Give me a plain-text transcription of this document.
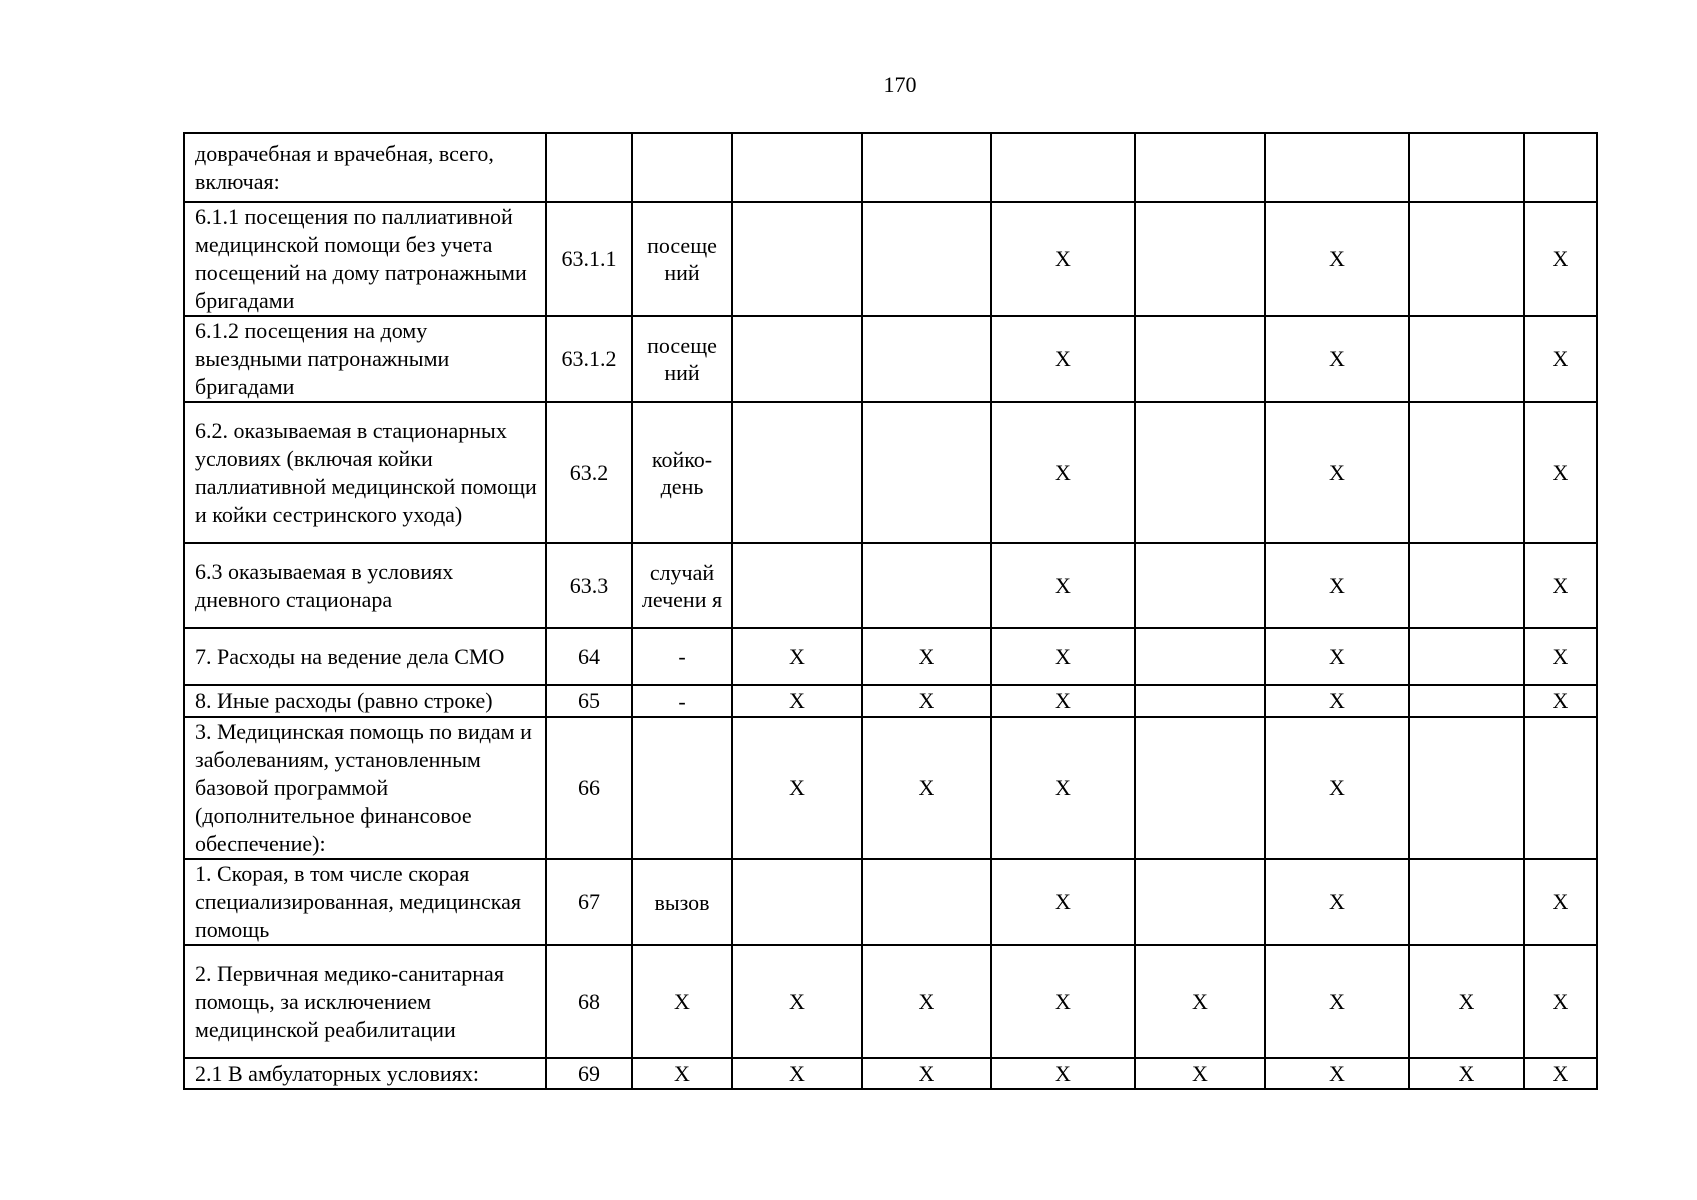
170
доврачебная и врачебная, всего, включая:									
6.1.1 посещения по паллиативной медицинской помощи без учета посещений на дому патронажными бригадами	63.1.1	посеще ний			X		X		X
6.1.2 посещения на дому выездными патронажными бригадами	63.1.2	посеще ний			X		X		X
6.2. оказываемая в стационарных условиях (включая койки паллиативной медицинской помощи и койки сестринского ухода)	63.2	койко-день			X		X		X
6.3 оказываемая в условиях дневного стационара	63.3	случай лечени я			X		X		X
7. Расходы на ведение дела СМО	64	-	X	X	X		X		X
8. Иные расходы (равно строке)	65	-	X	X	X		X		X
3. Медицинская помощь по видам и заболеваниям, установленным базовой программой (дополнительное финансовое обеспечение):	66		X	X	X		X		
1. Скорая, в том числе скорая специализированная, медицинская помощь	67	вызов			X		X		X
2. Первичная медико-санитарная помощь, за исключением медицинской реабилитации	68	X	X	X	X	X	X	X	X
2.1 В амбулаторных условиях:	69	X	X	X	X	X	X	X	X
